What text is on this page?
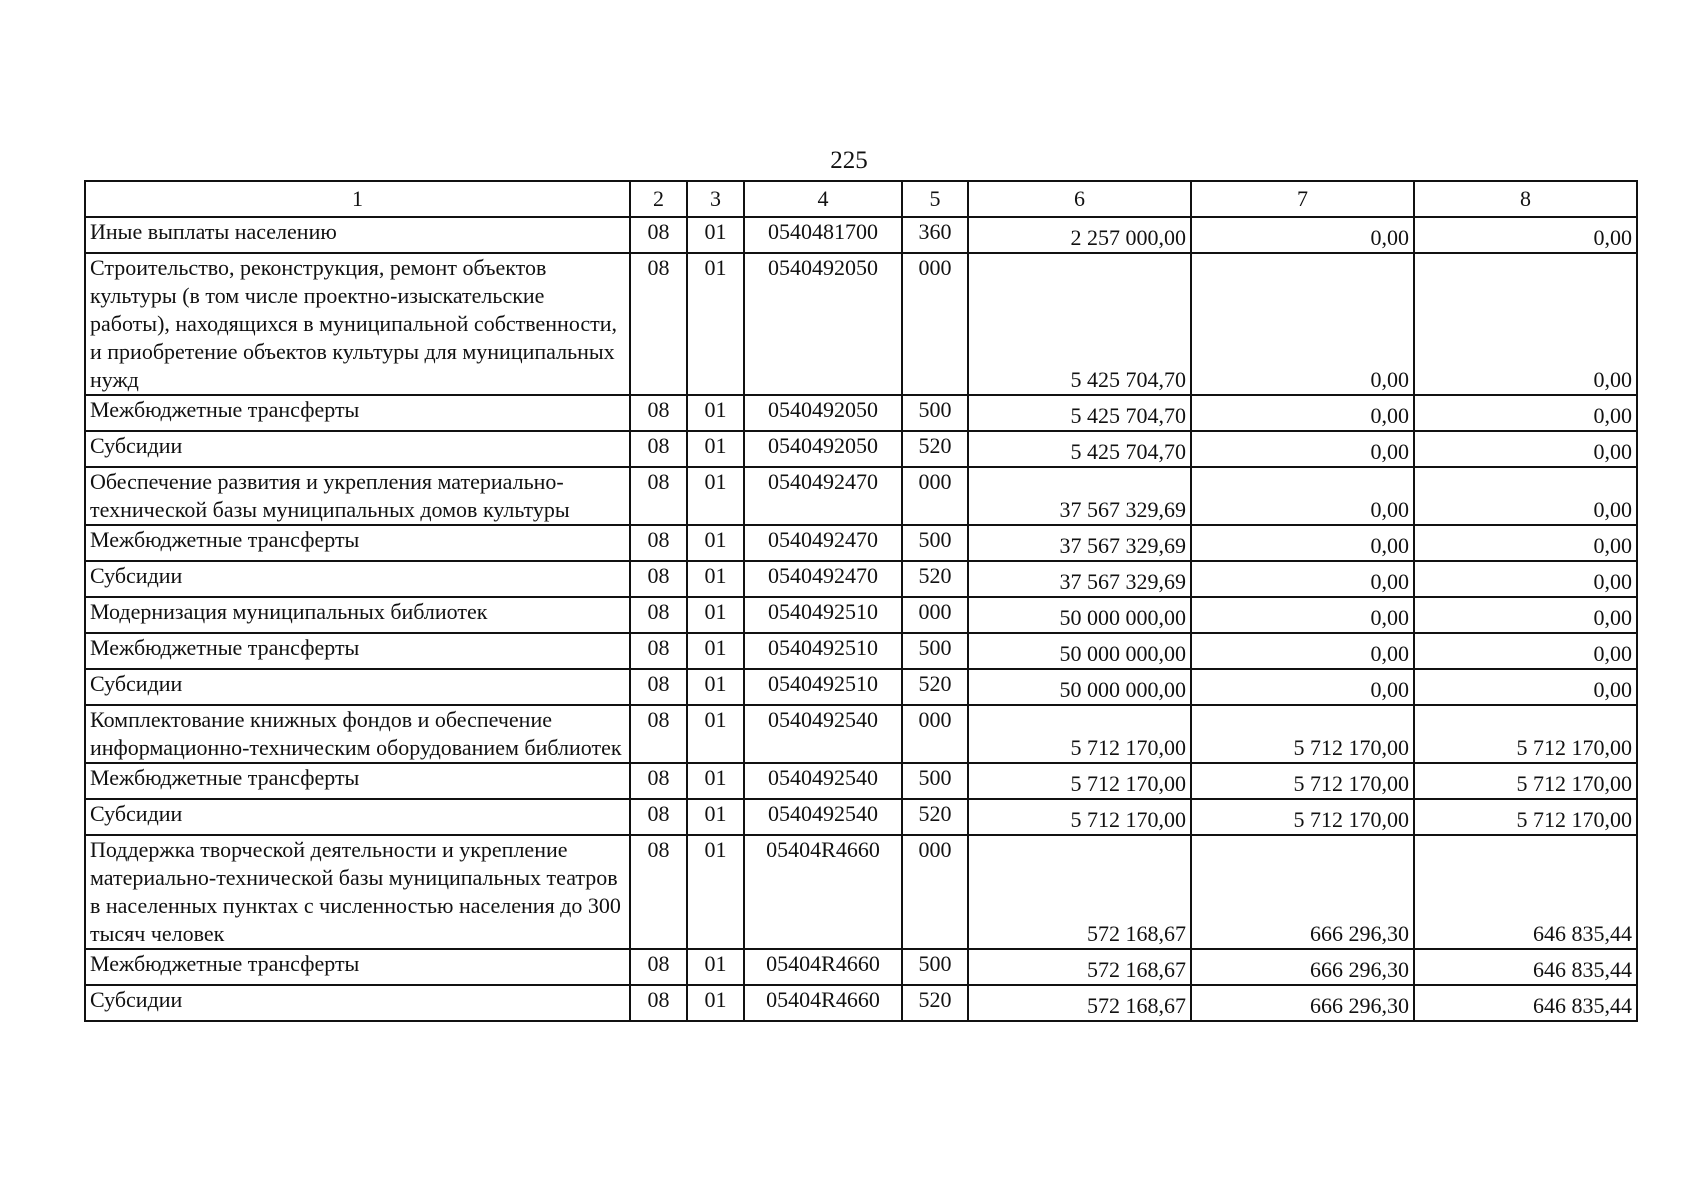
225
1	2	3	4	5	6	7	8
Иные выплаты населению	08	01	0540481700	360	2 257 000,00	0,00	0,00
Строительство, реконструкция, ремонт объектов культуры (в том числе проектно-изыскательские работы), находящихся в муниципальной собственности, и приобретение объектов культуры для муниципальных нужд	08	01	0540492050	000	5 425 704,70	0,00	0,00
Межбюджетные трансферты	08	01	0540492050	500	5 425 704,70	0,00	0,00
Субсидии	08	01	0540492050	520	5 425 704,70	0,00	0,00
Обеспечение развития и укрепления материально-технической базы муниципальных домов культуры	08	01	0540492470	000	37 567 329,69	0,00	0,00
Межбюджетные трансферты	08	01	0540492470	500	37 567 329,69	0,00	0,00
Субсидии	08	01	0540492470	520	37 567 329,69	0,00	0,00
Модернизация муниципальных библиотек	08	01	0540492510	000	50 000 000,00	0,00	0,00
Межбюджетные трансферты	08	01	0540492510	500	50 000 000,00	0,00	0,00
Субсидии	08	01	0540492510	520	50 000 000,00	0,00	0,00
Комплектование книжных фондов и обеспечение информационно-техническим оборудованием библиотек	08	01	0540492540	000	5 712 170,00	5 712 170,00	5 712 170,00
Межбюджетные трансферты	08	01	0540492540	500	5 712 170,00	5 712 170,00	5 712 170,00
Субсидии	08	01	0540492540	520	5 712 170,00	5 712 170,00	5 712 170,00
Поддержка творческой деятельности и укрепление материально-технической базы муниципальных театров в населенных пунктах с численностью населения до 300 тысяч человек	08	01	05404R4660	000	572 168,67	666 296,30	646 835,44
Межбюджетные трансферты	08	01	05404R4660	500	572 168,67	666 296,30	646 835,44
Субсидии	08	01	05404R4660	520	572 168,67	666 296,30	646 835,44
